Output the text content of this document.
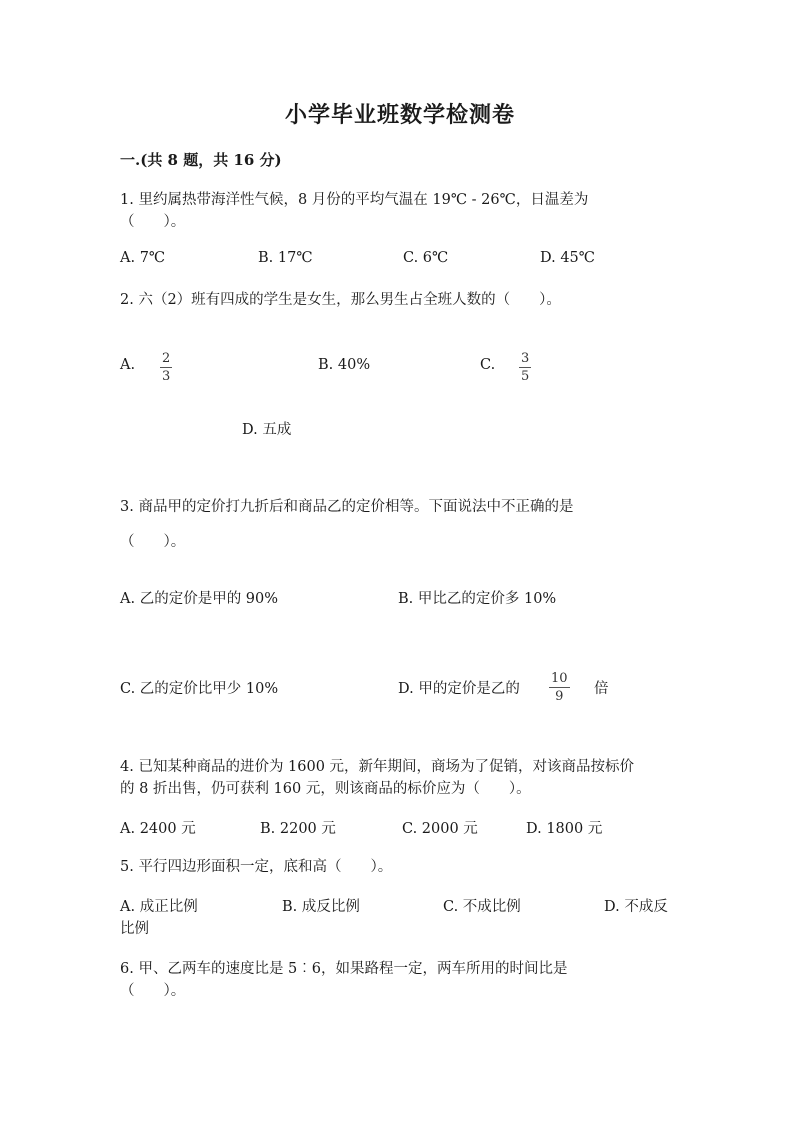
小学毕业班数学检测卷
一.(共 8 题，共 16 分)
1. 里约属热带海洋性气候，8 月份的平均气温在 19℃ - 26℃，日温差为
（　　）。
A. 7℃	B. 17℃	C. 6℃	D. 45℃
2. 六（2）班有四成的学生是女生，那么男生占全班人数的（　　）。
A. $\frac{2}{3}$	B. 40%	C. $\frac{3}{5}$
D. 五成
3. 商品甲的定价打九折后和商品乙的定价相等。下面说法中不正确的是
（　　）。
A. 乙的定价是甲的 90%	B. 甲比乙的定价多 10%
C. 乙的定价比甲少 10%	D. 甲的定价是乙的 $\frac{10}{9}$ 倍
4. 已知某种商品的进价为 1600 元，新年期间，商场为了促销，对该商品按标价
的 8 折出售，仍可获利 160 元，则该商品的标价应为（　　）。
A. 2400 元	B. 2200 元	C. 2000 元	D. 1800 元
5. 平行四边形面积一定，底和高（　　）。
A. 成正比例	B. 成反比例	C. 不成比例	D. 不成反
比例
6. 甲、乙两车的速度比是 5︰6，如果路程一定，两车所用的时间比是
（　　）。
